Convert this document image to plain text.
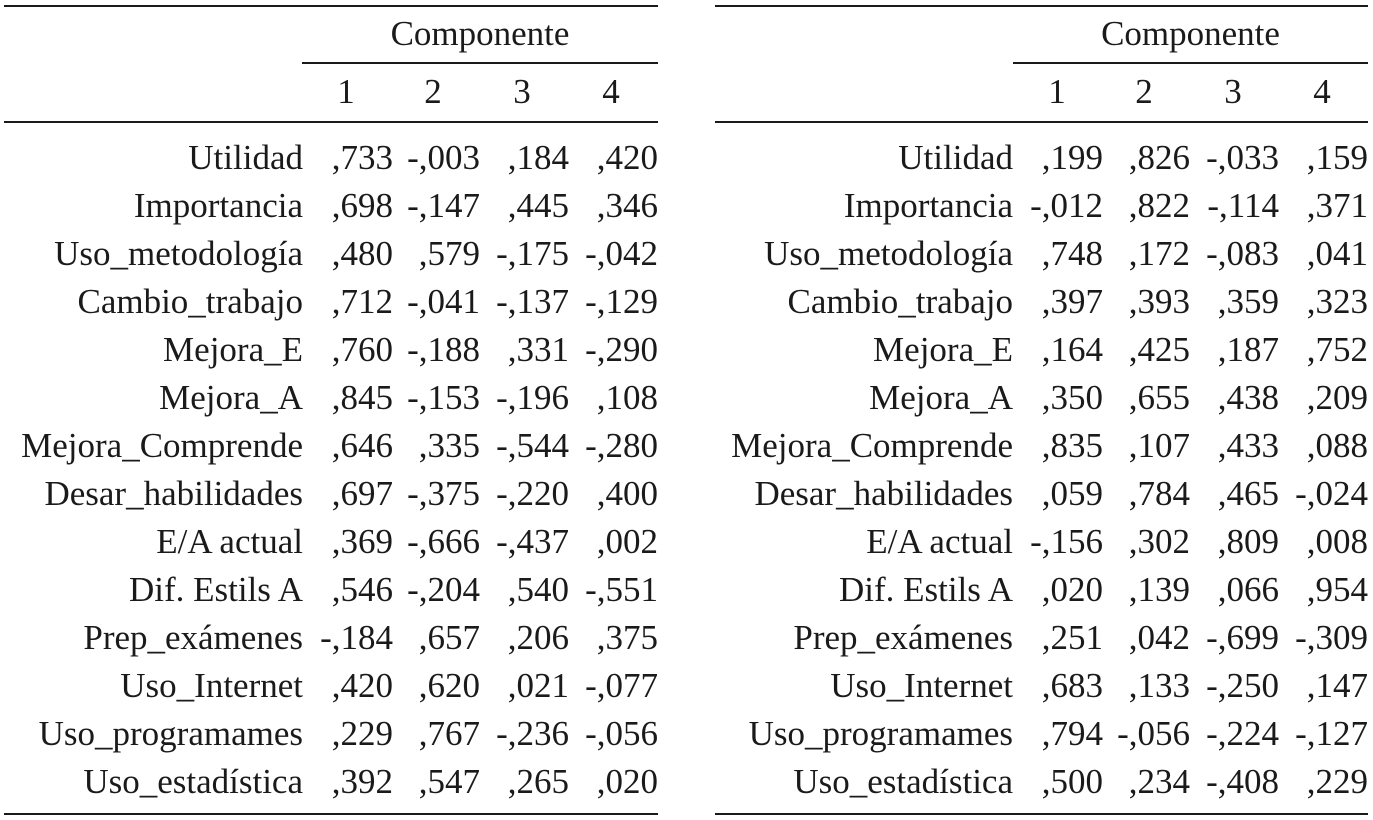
Componente
1	2	3	4
Utilidad ,733 -,003 ,184 ,420
Importancia ,698 -,147 ,445 ,346
Uso_metodología ,480 ,579 -,175 -,042
Cambio_trabajo ,712 -,041 -,137 -,129
Mejora_E ,760 -,188 ,331 -,290
Mejora_A ,845 -,153 -,196 ,108
Mejora_Comprende ,646 ,335 -,544 -,280
Desar_habilidades ,697 -,375 -,220 ,400
E/A actual ,369 -,666 -,437 ,002
Dif. Estils A ,546 -,204 ,540 -,551
Prep_exámenes -,184 ,657 ,206 ,375
Uso_Internet ,420 ,620 ,021 -,077
Uso_programames ,229 ,767 -,236 -,056
Uso_estadística ,392 ,547 ,265 ,020
Componente
1	2	3	4
Utilidad ,199 ,826 -,033 ,159
Importancia -,012 ,822 -,114 ,371
Uso_metodología ,748 ,172 -,083 ,041
Cambio_trabajo ,397 ,393 ,359 ,323
Mejora_E ,164 ,425 ,187 ,752
Mejora_A ,350 ,655 ,438 ,209
Mejora_Comprende ,835 ,107 ,433 ,088
Desar_habilidades ,059 ,784 ,465 -,024
E/A actual -,156 ,302 ,809 ,008
Dif. Estils A ,020 ,139 ,066 ,954
Prep_exámenes ,251 ,042 -,699 -,309
Uso_Internet ,683 ,133 -,250 ,147
Uso_programames ,794 -,056 -,224 -,127
Uso_estadística ,500 ,234 -,408 ,229
